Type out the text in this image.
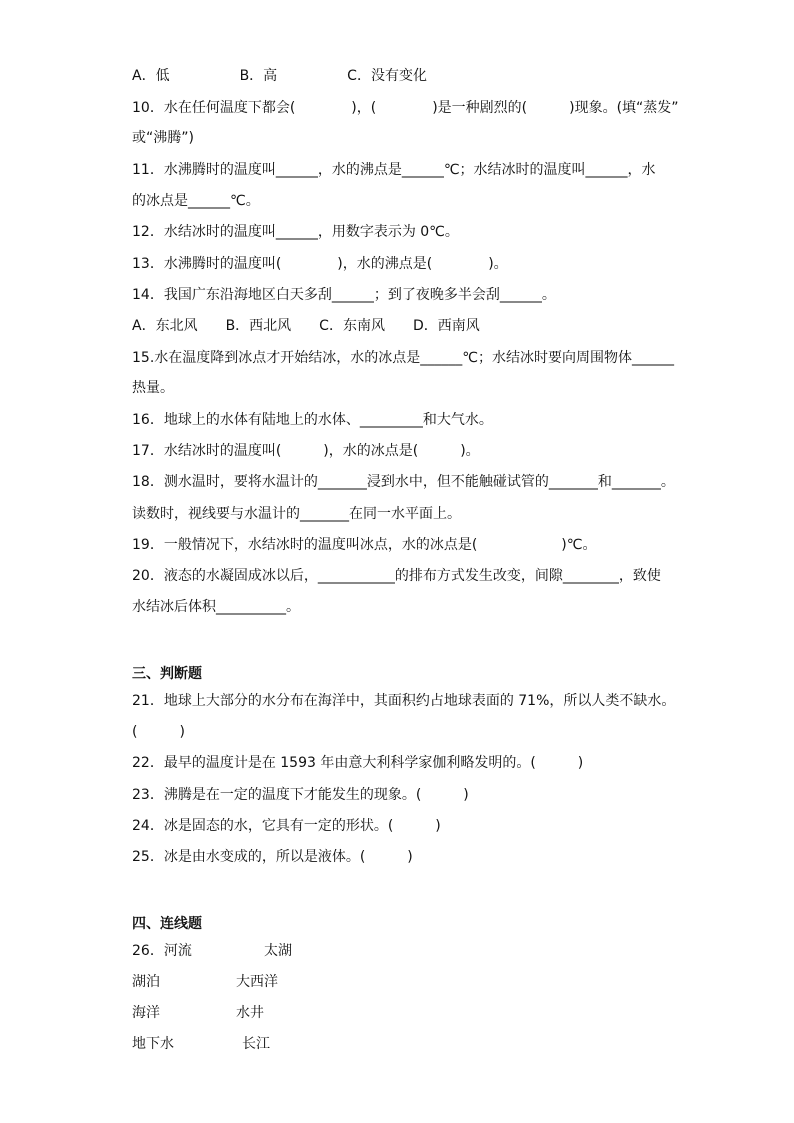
A．低　　　　　B．高　　　　　C．没有变化
10．水在任何温度下都会(　　　　)，(　　　　)是一种剧烈的(　　　)现象。(填“蒸发”
或“沸腾”)
11．水沸腾时的温度叫______，水的沸点是______℃；水结冰时的温度叫______，水
的冰点是______℃。
12．水结冰时的温度叫______，用数字表示为 0℃。
13．水沸腾时的温度叫(　　　　)，水的沸点是(　　　　)。
14．我国广东沿海地区白天多刮______；到了夜晚多半会刮______。
A．东北风　　B．西北风　　C．东南风　　D．西南风
15.水在温度降到冰点才开始结冰，水的冰点是______℃；水结冰时要向周围物体______
热量。
16．地球上的水体有陆地上的水体、_________和大气水。
17．水结冰时的温度叫(　　　)，水的冰点是(　　　)。
18．测水温时，要将水温计的_______浸到水中，但不能触碰试管的_______和_______。
读数时，视线要与水温计的_______在同一水平面上。
19．一般情况下，水结冰时的温度叫冰点，水的冰点是(　　　　　　)℃。
20．液态的水凝固成冰以后，___________的排布方式发生改变，间隙________，致使
水结冰后体积__________。
三、判断题
21．地球上大部分的水分布在海洋中，其面积约占地球表面的 71%，所以人类不缺水。
(　　　)
22．最早的温度计是在 1593 年由意大利科学家伽利略发明的。(　　　)
23．沸腾是在一定的温度下才能发生的现象。(　　　)
24．冰是固态的水，它具有一定的形状。(　　　)
25．冰是由水变成的，所以是液体。(　　　)
四、连线题
26．河流	太湖
湖泊	大西洋
海洋	水井
地下水	长江
